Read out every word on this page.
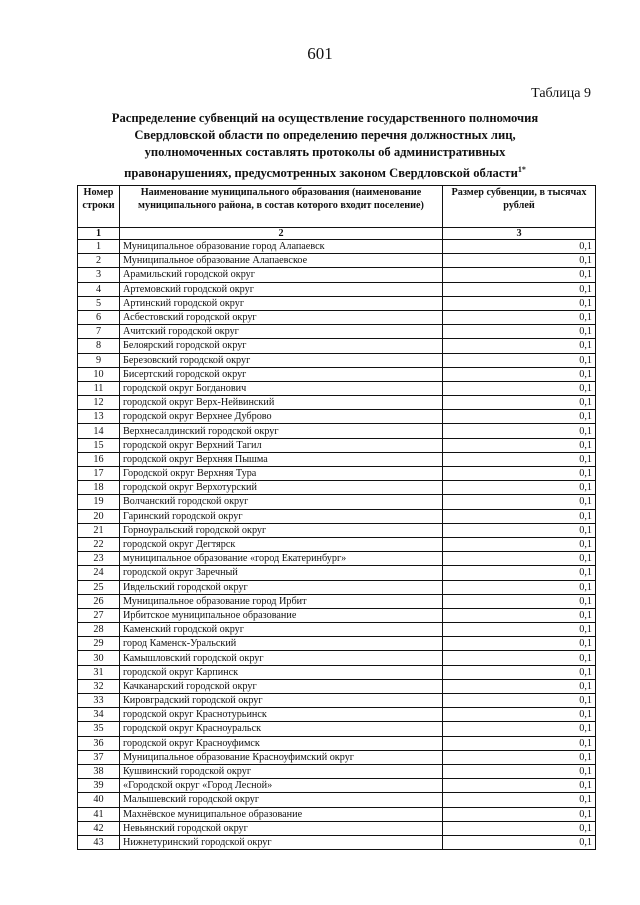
601
Таблица 9
Распределение субвенций на осуществление государственного полномочия Свердловской области по определению перечня должностных лиц, уполномоченных составлять протоколы об административных правонарушениях, предусмотренных законом Свердловской области$^{1*}$
Номер строки	Наименование муниципального образования (наименование муниципального района, в состав которого входит поселение)	Размер субвенции, в тысячах рублей
1	2	3
1	Муниципальное образование город Алапаевск	0,1
2	Муниципальное образование Алапаевское	0,1
3	Арамильский городской округ	0,1
4	Артемовский городской округ	0,1
5	Артинский городской округ	0,1
6	Асбестовский городской округ	0,1
7	Ачитский городской округ	0,1
8	Белоярский городской округ	0,1
9	Березовский городской округ	0,1
10	Бисертский городской округ	0,1
11	городской округ Богданович	0,1
12	городской округ Верх-Нейвинский	0,1
13	городской округ Верхнее Дуброво	0,1
14	Верхнесалдинский городской округ	0,1
15	городской округ Верхний Тагил	0,1
16	городской округ Верхняя Пышма	0,1
17	Городской округ Верхняя Тура	0,1
18	городской округ Верхотурский	0,1
19	Волчанский городской округ	0,1
20	Гаринский городской округ	0,1
21	Горноуральский городской округ	0,1
22	городской округ Дегтярск	0,1
23	муниципальное образование «город Екатеринбург»	0,1
24	городской округ Заречный	0,1
25	Ивдельский городской округ	0,1
26	Муниципальное образование город Ирбит	0,1
27	Ирбитское муниципальное образование	0,1
28	Каменский городской округ	0,1
29	город Каменск-Уральский	0,1
30	Камышловский городской округ	0,1
31	городской округ Карпинск	0,1
32	Качканарский городской округ	0,1
33	Кировградский городской округ	0,1
34	городской округ Краснотурьинск	0,1
35	городской округ Красноуральск	0,1
36	городской округ Красноуфимск	0,1
37	Муниципальное образование Красноуфимский округ	0,1
38	Кушвинский городской округ	0,1
39	«Городской округ «Город Лесной»	0,1
40	Малышевский городской округ	0,1
41	Махнёвское муниципальное образование	0,1
42	Невьянский городской округ	0,1
43	Нижнетуринский городской округ	0,1
